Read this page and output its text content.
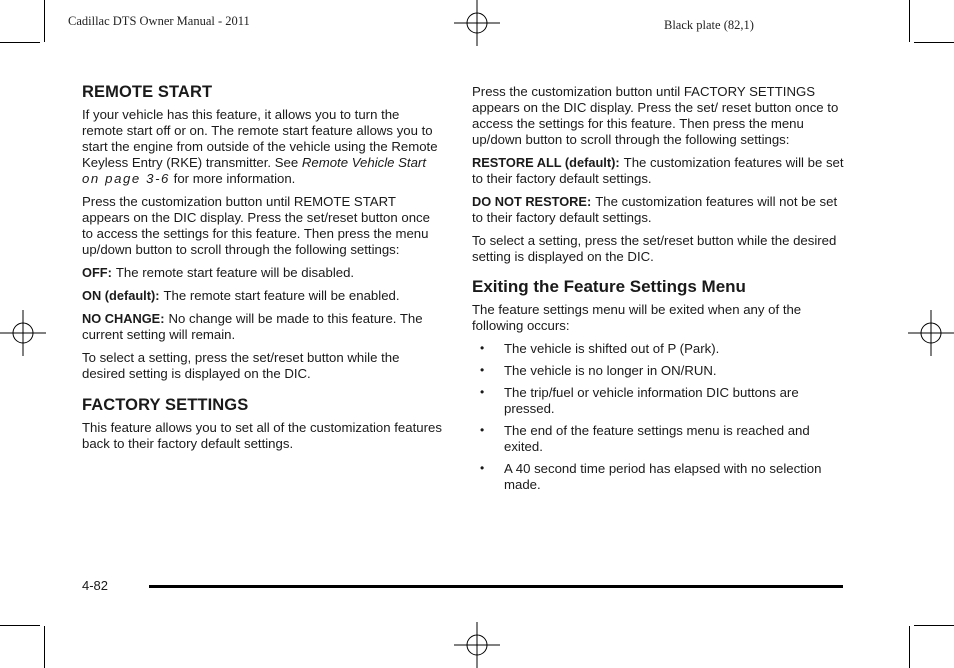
Cadillac DTS Owner Manual - 2011	Black plate (82,1)
REMOTE START

If your vehicle has this feature, it allows you to turn the remote start off or on. The remote start feature allows you to start the engine from outside of the vehicle using the Remote Keyless Entry (RKE) transmitter. See Remote Vehicle Start on page 3-6 for more information.

Press the customization button until REMOTE START appears on the DIC display. Press the set/reset button once to access the settings for this feature. Then press the menu up/down button to scroll through the following settings:

OFF: The remote start feature will be disabled.

ON (default): The remote start feature will be enabled.

NO CHANGE: No change will be made to this feature. The current setting will remain.

To select a setting, press the set/reset button while the desired setting is displayed on the DIC.

FACTORY SETTINGS

This feature allows you to set all of the customization features back to their factory default settings.

Press the customization button until FACTORY SETTINGS appears on the DIC display. Press the set/ reset button once to access the settings for this feature. Then press the menu up/down button to scroll through the following settings:

RESTORE ALL (default): The customization features will be set to their factory default settings.

DO NOT RESTORE: The customization features will not be set to their factory default settings.

To select a setting, press the set/reset button while the desired setting is displayed on the DIC.

Exiting the Feature Settings Menu

The feature settings menu will be exited when any of the following occurs:

• The vehicle is shifted out of P (Park).
• The vehicle is no longer in ON/RUN.
• The trip/fuel or vehicle information DIC buttons are pressed.
• The end of the feature settings menu is reached and exited.
• A 40 second time period has elapsed with no selection made.
4-82
